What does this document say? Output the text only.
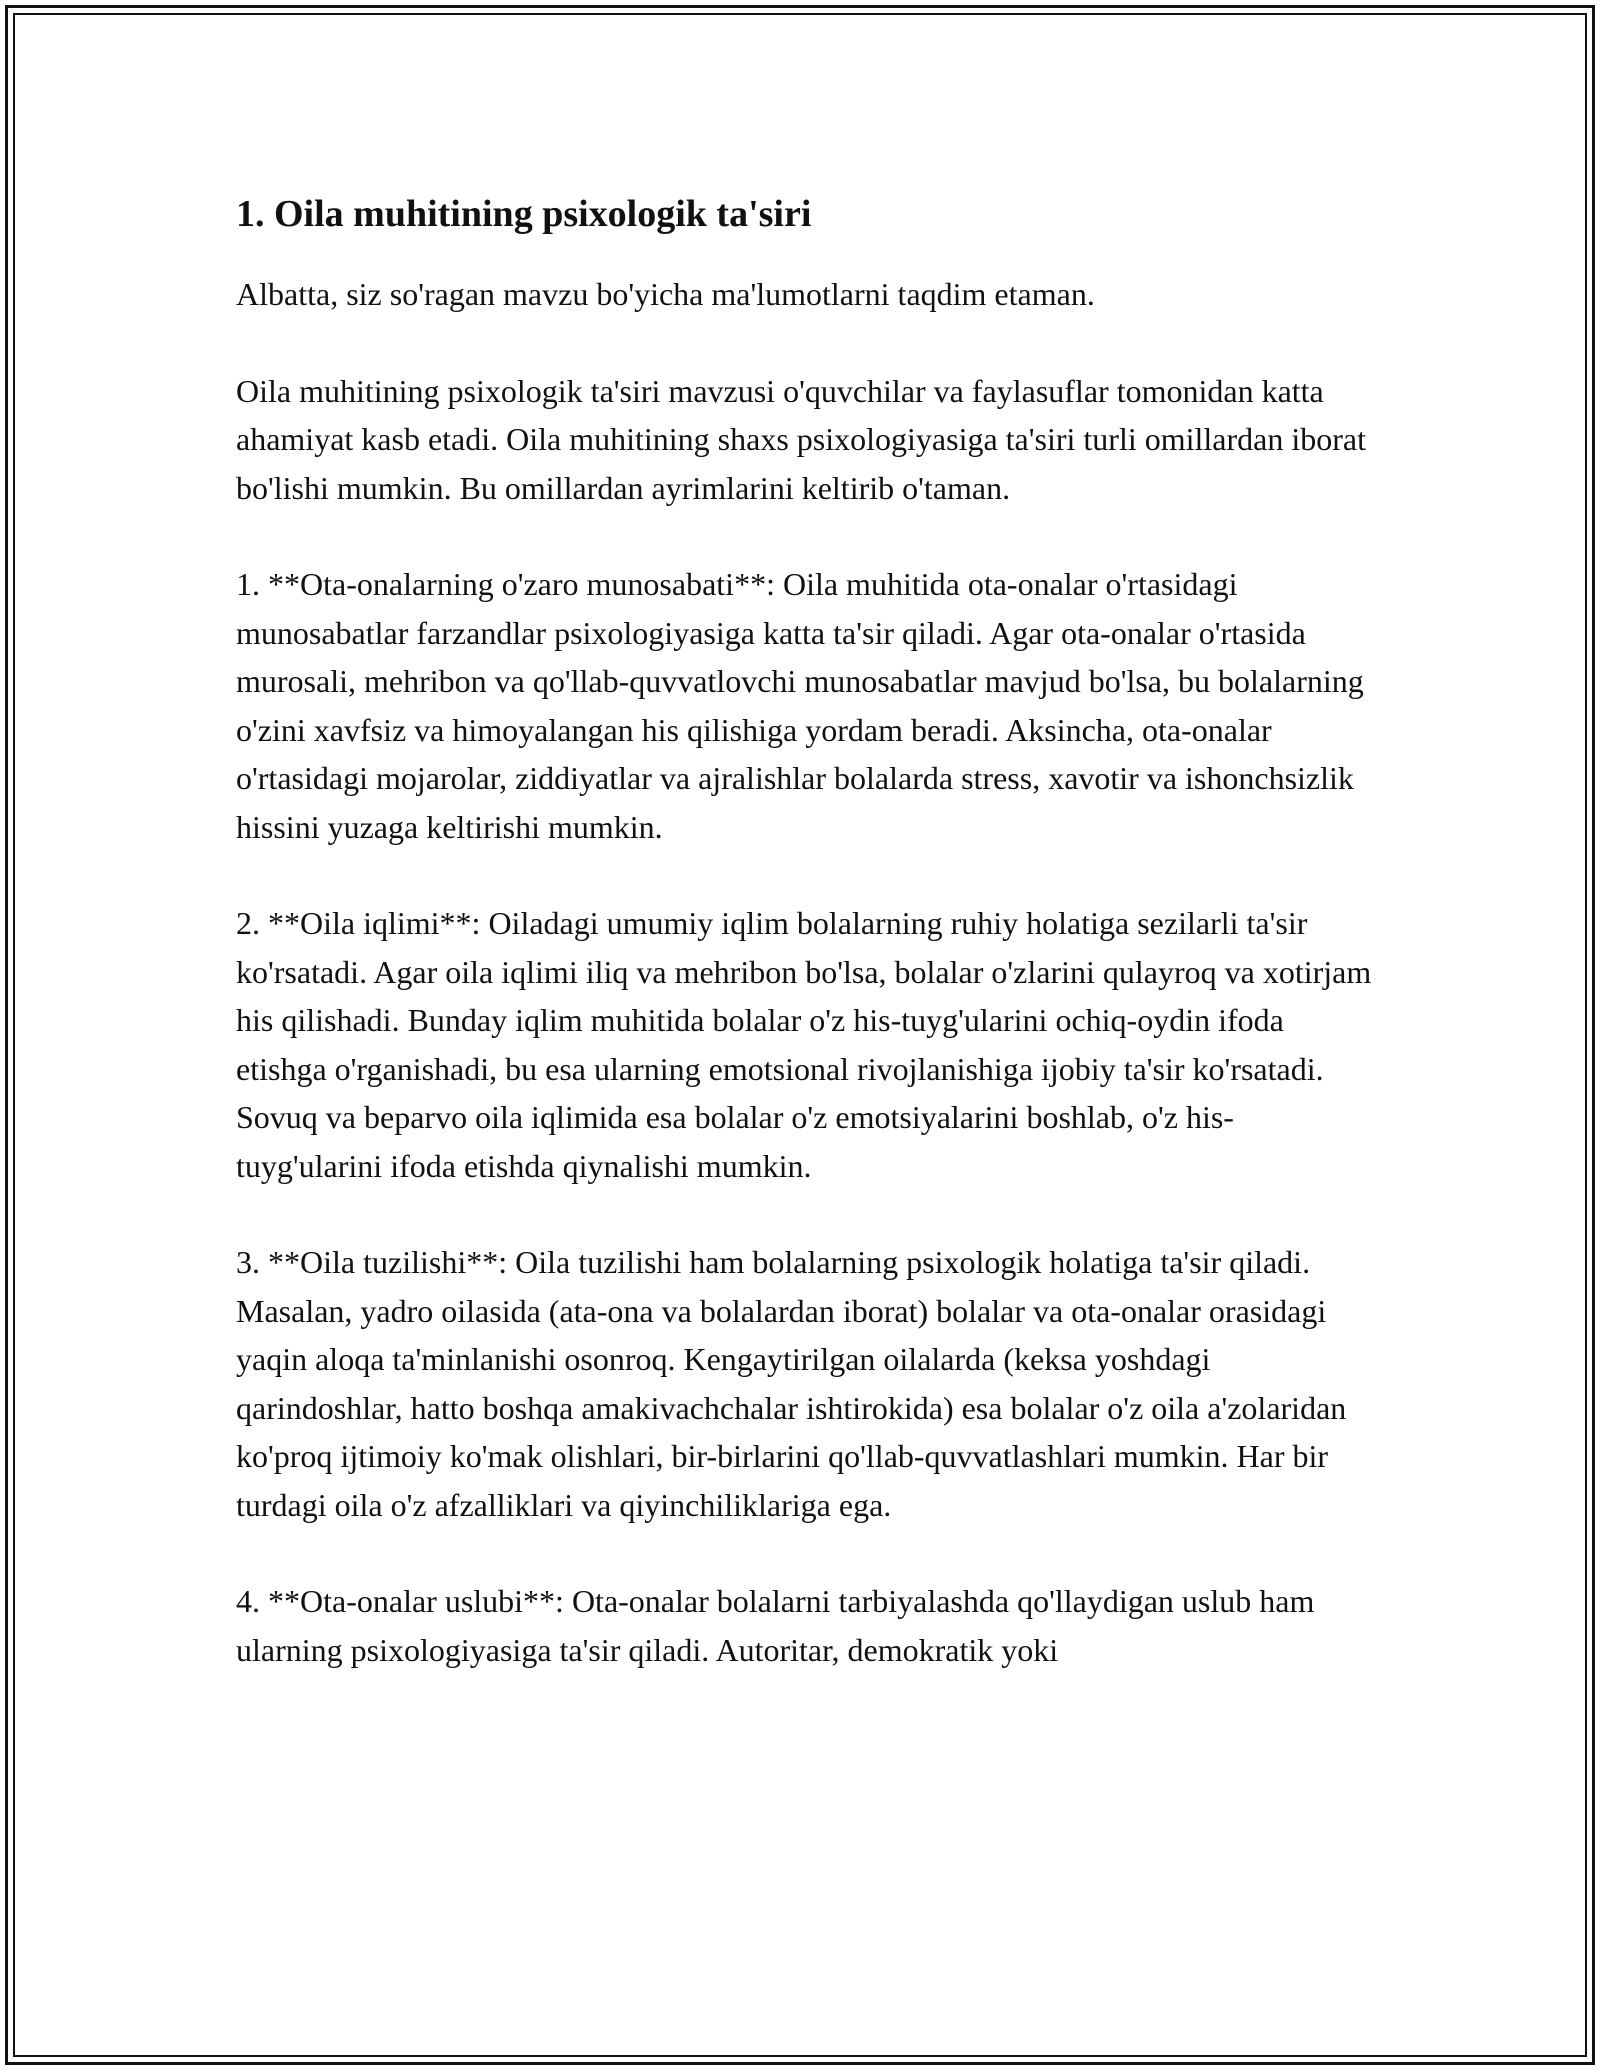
1. Oila muhitining psixologik ta'siri

Albatta, siz so'ragan mavzu bo'yicha ma'lumotlarni taqdim etaman.

Oila muhitining psixologik ta'siri mavzusi o'quvchilar va faylasuflar tomonidan katta ahamiyat kasb etadi. Oila muhitining shaxs psixologiyasiga ta'siri turli omillardan iborat bo'lishi mumkin. Bu omillardan ayrimlarini keltirib o'taman.

1. **Ota-onalarning o'zaro munosabati**: Oila muhitida ota-onalar o'rtasidagi munosabatlar farzandlar psixologiyasiga katta ta'sir qiladi. Agar ota-onalar o'rtasida murosali, mehribon va qo'llab-quvvatlovchi munosabatlar mavjud bo'lsa, bu bolalarning o'zini xavfsiz va himoyalangan his qilishiga yordam beradi. Aksincha, ota-onalar o'rtasidagi mojarolar, ziddiyatlar va ajralishlar bolalarda stress, xavotir va ishonchsizlik hissini yuzaga keltirishi mumkin.

2. **Oila iqlimi**: Oiladagi umumiy iqlim bolalarning ruhiy holatiga sezilarli ta'sir ko'rsatadi. Agar oila iqlimi iliq va mehribon bo'lsa, bolalar o'zlarini qulayroq va xotirjam his qilishadi. Bunday iqlim muhitida bolalar o'z his-tuyg'ularini ochiq-oydin ifoda etishga o'rganishadi, bu esa ularning emotsional rivojlanishiga ijobiy ta'sir ko'rsatadi. Sovuq va beparvo oila iqlimida esa bolalar o'z emotsiyalarini boshlab, o'z his-tuyg'ularini ifoda etishda qiynalishi mumkin.

3. **Oila tuzilishi**: Oila tuzilishi ham bolalarning psixologik holatiga ta'sir qiladi. Masalan, yadro oilasida (ata-ona va bolalardan iborat) bolalar va ota-onalar orasidagi yaqin aloqa ta'minlanishi osonroq. Kengaytirilgan oilalarda (keksa yoshdagi qarindoshlar, hatto boshqa amakivachchalar ishtirokida) esa bolalar o'z oila a'zolaridan ko'proq ijtimoiy ko'mak olishlari, bir-birlarini qo'llab-quvvatlashlari mumkin. Har bir turdagi oila o'z afzalliklari va qiyinchiliklariga ega.

4. **Ota-onalar uslubi**: Ota-onalar bolalarni tarbiyalashda qo'llaydigan uslub ham ularning psixologiyasiga ta'sir qiladi. Autoritar, demokratik yoki
